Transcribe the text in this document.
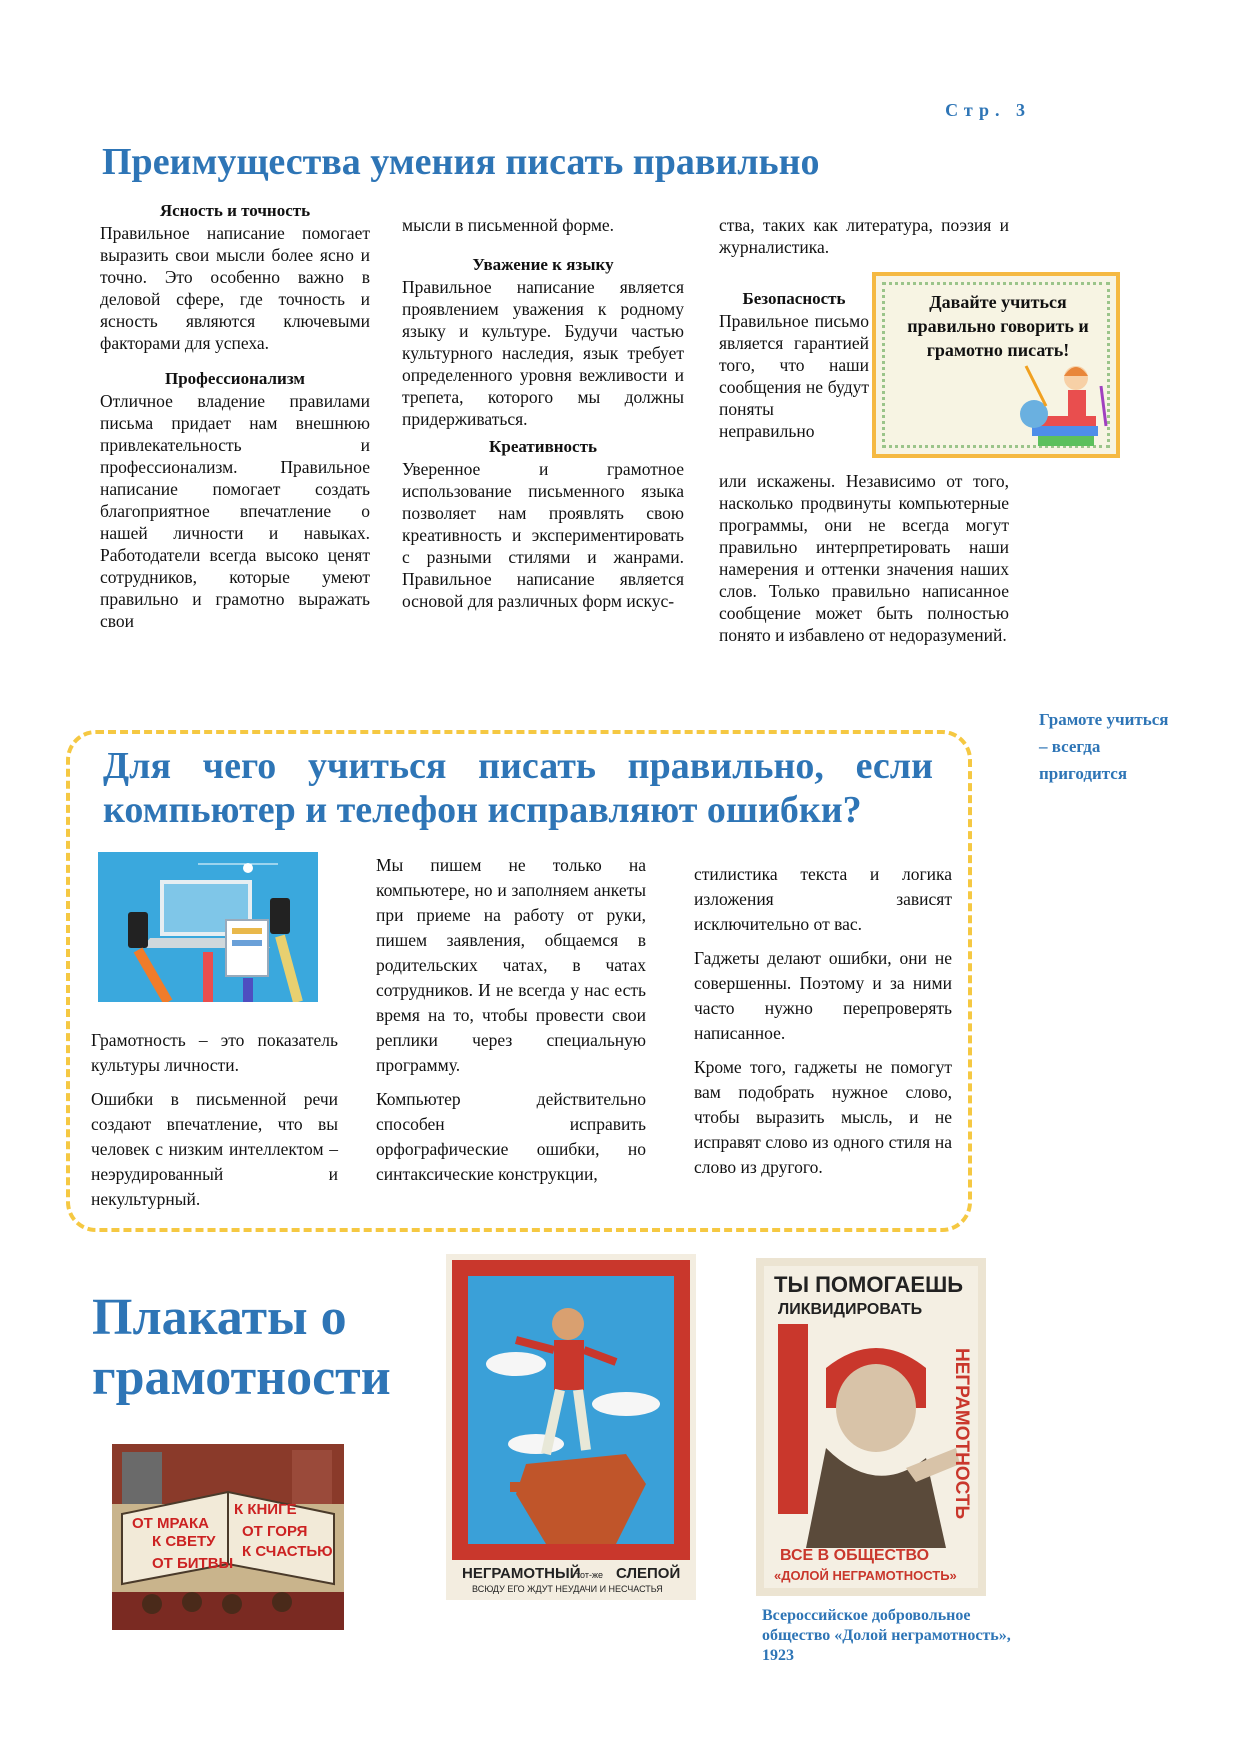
Стр. 3
Преимущества умения писать правильно

Ясность и точность

Правильное написание помогает выразить свои мысли более ясно и точно. Это особенно важно в деловой сфере, где точность и ясность являются ключевыми факторами для успеха.

Профессионализм

Отличное владение правилами письма придает нам внешнюю привлекательность и профессионализм. Правильное написание помогает создать благоприятное впечатление о нашей личности и навыках. Работодатели всегда высоко ценят сотрудников, которые умеют правильно и грамотно выражать свои

мысли в письменной форме.

Уважение к языку

Правильное написание является проявлением уважения к родному языку и культуре. Будучи частью культурного наследия, язык требует определенного уровня вежливости и трепета, которого мы должны придерживаться.

Креативность

Уверенное и грамотное использование письменного языка позволяет нам проявлять свою креативность и экспериментировать с разными стилями и жанрами. Правильное написание является основой для различных форм искус-

ства, таких как литература, поэзия и журналистика.

Безопасность

Правильное письмо является гарантией того, что наши сообщения не будут поняты неправильно

или искажены. Независимо от того, насколько продвинуты компьютерные программы, они не всегда могут правильно интерпретировать наши намерения и оттенки значения наших слов. Только правильно написанное сообщение может быть полностью понято и избавлено от недоразумений.

Давайте учиться правильно говорить и грамотно писать!
Грамоте учиться – всегда пригодится
Для чего учиться писать правильно, если компьютер и телефон исправляют ошибки?

Грамотность – это показатель культуры личности.

Ошибки в письменной речи создают впечатление, что вы человек с низким интеллектом – неэрудированный и некультурный.

Мы пишем не только на компьютере, но и заполняем анкеты при приеме на работу от руки, пишем заявления, общаемся в родительских чатах, в чатах сотрудников. И не всегда у нас есть время на то, чтобы провести свои реплики через специальную программу.

Компьютер действительно способен исправить орфографические ошибки, но синтаксические конструкции,

стилистика текста и логика изложения зависят исключительно от вас.

Гаджеты делают ошибки, они не совершенны. Поэтому и за ними часто нужно перепроверять написанное.

Кроме того, гаджеты не помогут вам подобрать нужное слово, чтобы выразить мысль, и не исправят слово из одного стиля на слово из другого.

Плакаты о
грамотности
ОТ МРАКА
К СВЕТУ
ОТ БИТВЫ
К КНИГЕ
ОТ ГОРЯ
К СЧАСТЬЮ
НЕГРАМОТНЫЙ
тот-же СЛЕПОЙ
ВСЮДУ ЕГО ЖДУТ НЕУДАЧИ И НЕСЧАСТЬЯ
ТЫ ПОМОГАЕШЬ
ЛИКВИДИРОВАТЬ
НЕГРАМОТНОСТЬ
ВСЕ В ОБЩЕСТВО
«ДОЛОЙ НЕГРАМОТНОСТЬ»
Всероссийское добровольное общество «Долой неграмотность», 1923
